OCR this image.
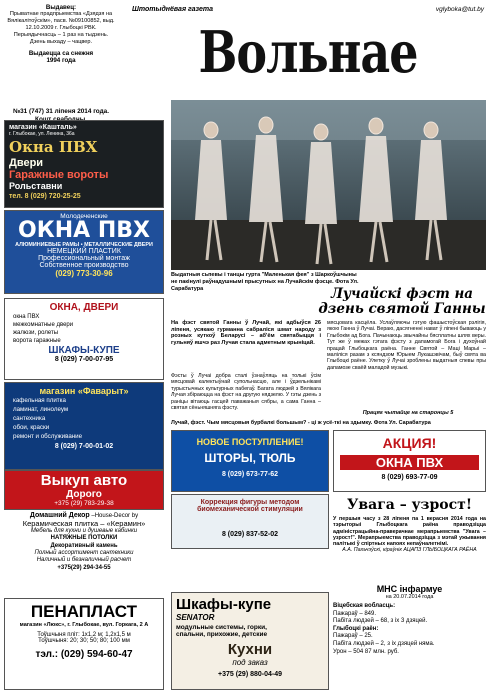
Выдавец:
Прыватнае прадпрыемства «Дзядзя на
Вялікалітоўскім», пасв. №09100852, выд.
12.10.2009 г. Глыбоцкі РВК.
Перыядычнасць – 1 раз на тыдзень.
Дзень выхаду – чацвер.
Выдаецца са снежня
1994 года
№31 (747) 31 ліпеня 2014 года.
Штотыднёвая газета	vglyboka@tut.by
Вольнае
Выдатныя сьпевы і танцы гурта "Маленькая фея" з Шаркоўшчыны не пакінулі раўнадушнымі прысутных на Лучайскім фэсце. Фота Ул. Сарабатура	Лучайскі фэст на дзень святой Ганны
На фэст святой Ганны ў Лучай, які адбыўся 26 ліпеня, усякаю гурманна сабраліся шмат народу з розных куткоў Беларусі – аб'ём святабыцця і гульняў яшчэ раз Лучая стала адметным крыніцай.
Фэсты ў Лучаі добра сталі ўзнаўляць на толькі ўсім мясцовай калектыўнай супольнасцю, але і ўдзельнікамі турыстычных культурных пабегаў. Багата людзей з Вялікага Лучая збіраюцца на фэст на другую нядзелю. У гэты дзень з раніцы вітаюць гасцей паважаныя сябры, а сама Ганна – святая сёньняшняга фэсту.
мясцовага касцёла. Услаўляючы гэтую фашыстоўская рэлігія, якою Ганна ў Лучаі. Вераю, дасягненні нават ў ліпені бываюць у Глыбокім ад Бога. Пачынаюць звычайны бясплатны шлях веры. Тут же ў межах гэтага фэсту з дапамогай Бога і духоўнай працай Глыбоцкага раёна. Ганне Святой – Маці Марыі – маліліся разам з ксяндзом Юрыем Лукашэвічам, быў свята ва Глыбоцкі раёне. Улетку ў Лучаі зроблены выдатныя спевы пры дапамозе сваёй маладой музыкі.
Працяг чытайце на старонцы 5
Лучай, фэст. Чым мясцовыя бурбалкі большым? - ці ж усё-ткі на здымку. Фота Ул. Сарабатура
магазин «Кашталь»
г. Глыбокае, ул. Ленина, 36а
Окна ПВХ
Двери
Гаражные вороты
Рольставни
тел. 8 (029) 720-25-25
Молодеченские
ОКНА ПВХ
АЛЮМИНИЕВЫЕ РАМЫ • МЕТАЛЛИЧЕСКИЕ ДВЕРИ
НЕМЕЦКИЙ ПЛАСТИК
Профессиональный монтаж
Собственное производство
(029) 773-30-96
ОКНА, ДВЕРИ
окна ПВХ
межкомнатные двери
жалюзи, ролеты
ворота гаражные
ШКАФЫ-КУПЕ
8 (029) 7-00-07-95
магазин «Фаварыт»
кафельная плитка
ламинат, линолеум
сантехника
обои, краски
ремонт и обслуживание
8 (029) 7-00-01-02
Выкуп авто
Дорого
+375 (29) 783-29-38
Домашний Декор –House-Decor by
Керамическая плитка – «Керамин»
Мебель для кухни и душевые кабинки
НАТЯЖНЫЕ ПОТОЛКИ
Декоративный камень
Полный ассортимент сантехники
Наличный и безналичный расчет
+375(29) 294-34-55
НОВОЕ ПОСТУПЛЕНИЕ!
ШТОРЫ, ТЮЛЬ
8 (029) 673-77-62
АКЦИЯ!
ОКНА ПВХ
8 (029) 693-77-09
Коррекция фигуры методом
биомеханической стимуляции
8 (029) 837-52-02
Увага – узрост!
У першыя часу з 28 ліпеня па 1 верасня 2014 года на тэрыторыі Глыбоцкага раёна праводзіцца адміністрацыйна-праверачнае мерапрыемства "Увага – узрост!". Мерапрыемства праводзіцца з мэтай ужывання палітыкі ў спіртных напоях непаўналетнімі.
А.А. Пальчэўскі, кіраўнік АЦАПЗ ГЛЫБОЦКАГА РАЁНА
МНС інфармуе
на 20.07.2014 года
Віцебская вобласць:
Пажараў – 849.
Пабіта людзей – 68, з іх 3 дзяцей.
Глыбоцкі раён:
Пажараў – 25.
Пабіта людзей – 2, з іх дзяцей няма.
Урон – 504 87 млн. руб.
Шкафы-купе
SENATOR
модульные системы, горки,
спальни, прихожие, детские
Кухни
под заказ
+375 (29) 880-04-49
ПЕНАПЛАСТ
магазин «Люкс», г. Глыбокае, вул. Горкага, 2 А
Тоўшчыня пліт: 1x1,2 м; 1,2x1,5 м
Тоўшчыня: 20; 30; 50; 80; 100 мм
тэл.: (029) 594-60-47
